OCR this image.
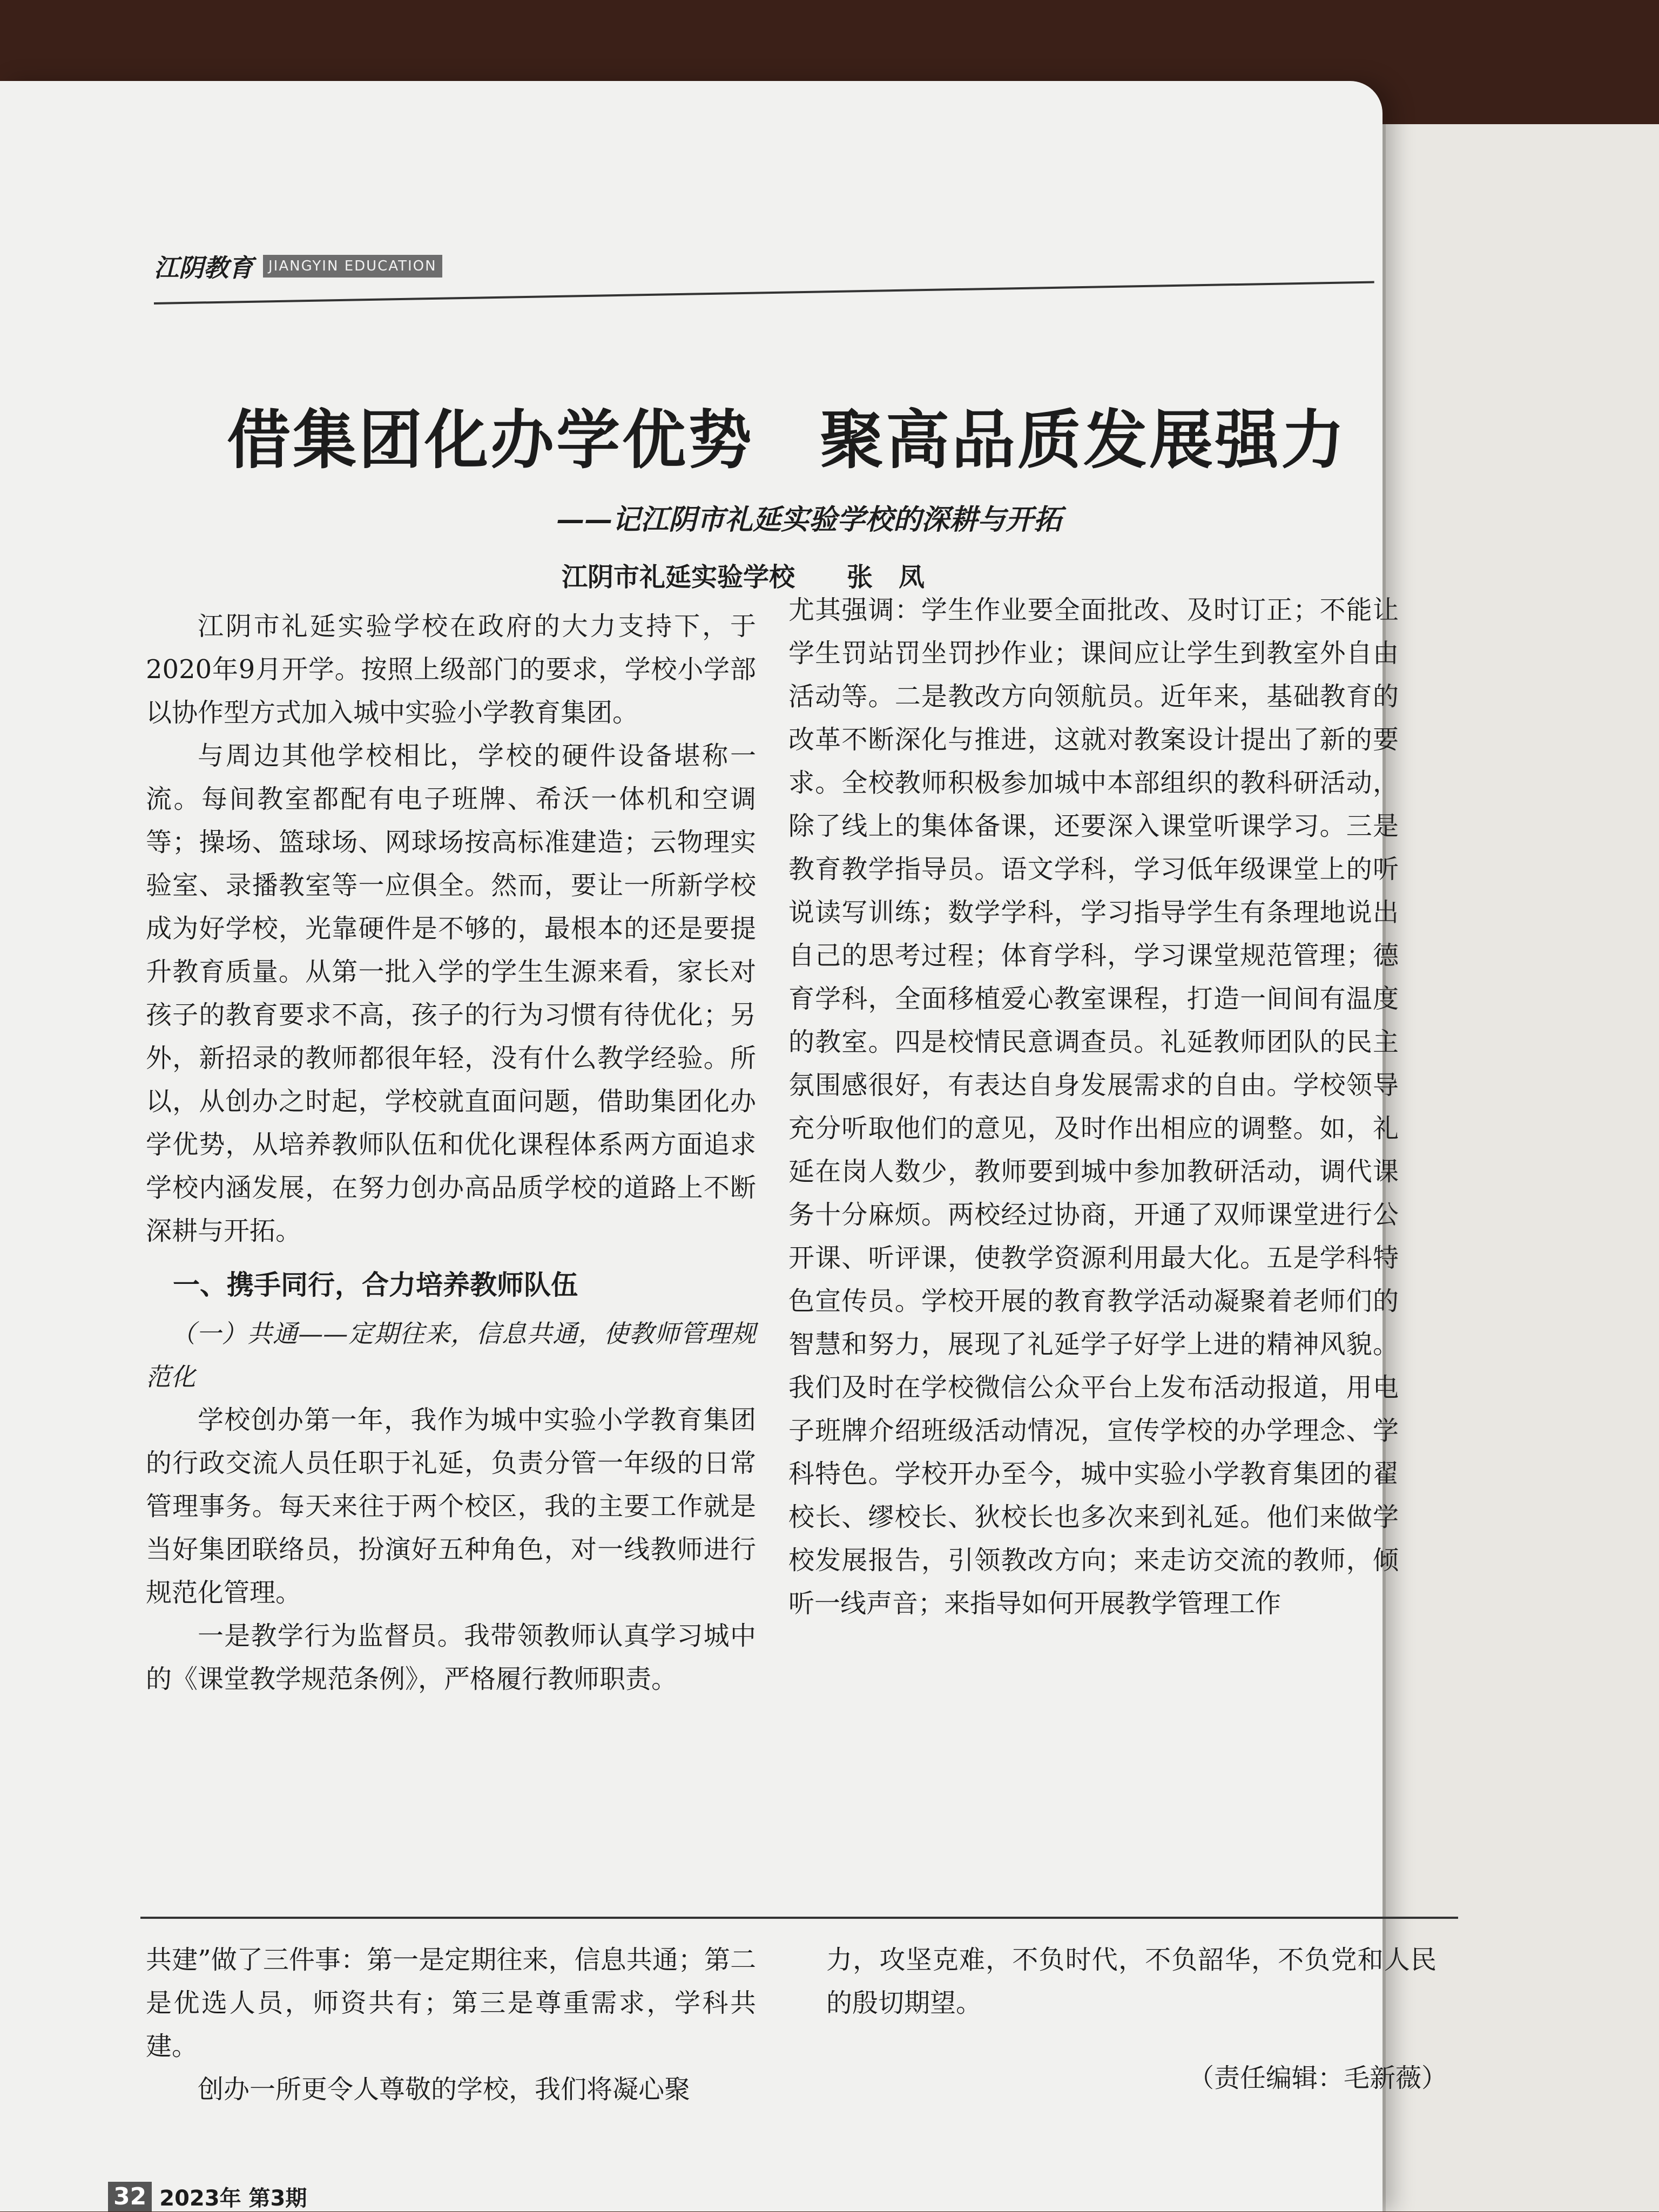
江阴教育	JIANGYIN EDUCATION
借集团化办学优势　聚高品质发展强力
——记江阴市礼延实验学校的深耕与开拓
江阴市礼延实验学校　　张　凤

江阴市礼延实验学校在政府的大力支持下，于2020年9月开学。按照上级部门的要求，学校小学部以协作型方式加入城中实验小学教育集团。

与周边其他学校相比，学校的硬件设备堪称一流。每间教室都配有电子班牌、希沃一体机和空调等；操场、篮球场、网球场按高标准建造；云物理实验室、录播教室等一应俱全。然而，要让一所新学校成为好学校，光靠硬件是不够的，最根本的还是要提升教育质量。从第一批入学的学生生源来看，家长对孩子的教育要求不高，孩子的行为习惯有待优化；另外，新招录的教师都很年轻，没有什么教学经验。所以，从创办之时起，学校就直面问题，借助集团化办学优势，从培养教师队伍和优化课程体系两方面追求学校内涵发展，在努力创办高品质学校的道路上不断深耕与开拓。

一、携手同行，合力培养教师队伍
（一）共通——定期往来，信息共通，使教师管理规范化

学校创办第一年，我作为城中实验小学教育集团的行政交流人员任职于礼延，负责分管一年级的日常管理事务。每天来往于两个校区，我的主要工作就是当好集团联络员，扮演好五种角色，对一线教师进行规范化管理。

一是教学行为监督员。我带领教师认真学习城中的《课堂教学规范条例》，严格履行教师职责。

尤其强调：学生作业要全面批改、及时订正；不能让学生罚站罚坐罚抄作业；课间应让学生到教室外自由活动等。二是教改方向领航员。近年来，基础教育的改革不断深化与推进，这就对教案设计提出了新的要求。全校教师积极参加城中本部组织的教科研活动，除了线上的集体备课，还要深入课堂听课学习。三是教育教学指导员。语文学科，学习低年级课堂上的听说读写训练；数学学科，学习指导学生有条理地说出自己的思考过程；体育学科，学习课堂规范管理；德育学科，全面移植爱心教室课程，打造一间间有温度的教室。四是校情民意调查员。礼延教师团队的民主氛围感很好，有表达自身发展需求的自由。学校领导充分听取他们的意见，及时作出相应的调整。如，礼延在岗人数少，教师要到城中参加教研活动，调代课务十分麻烦。两校经过协商，开通了双师课堂进行公开课、听评课，使教学资源利用最大化。五是学科特色宣传员。学校开展的教育教学活动凝聚着老师们的智慧和努力，展现了礼延学子好学上进的精神风貌。我们及时在学校微信公众平台上发布活动报道，用电子班牌介绍班级活动情况，宣传学校的办学理念、学科特色。学校开办至今，城中实验小学教育集团的翟校长、缪校长、狄校长也多次来到礼延。他们来做学校发展报告，引领教改方向；来走访交流的教师，倾听一线声音；来指导如何开展教学管理工作

共建”做了三件事：第一是定期往来，信息共通；第二是优选人员，师资共有；第三是尊重需求，学科共建。

创办一所更令人尊敬的学校，我们将凝心聚

力，攻坚克难，不负时代，不负韶华，不负党和人民的殷切期望。

（责任编辑：毛新薇）
32 2023年 第3期
